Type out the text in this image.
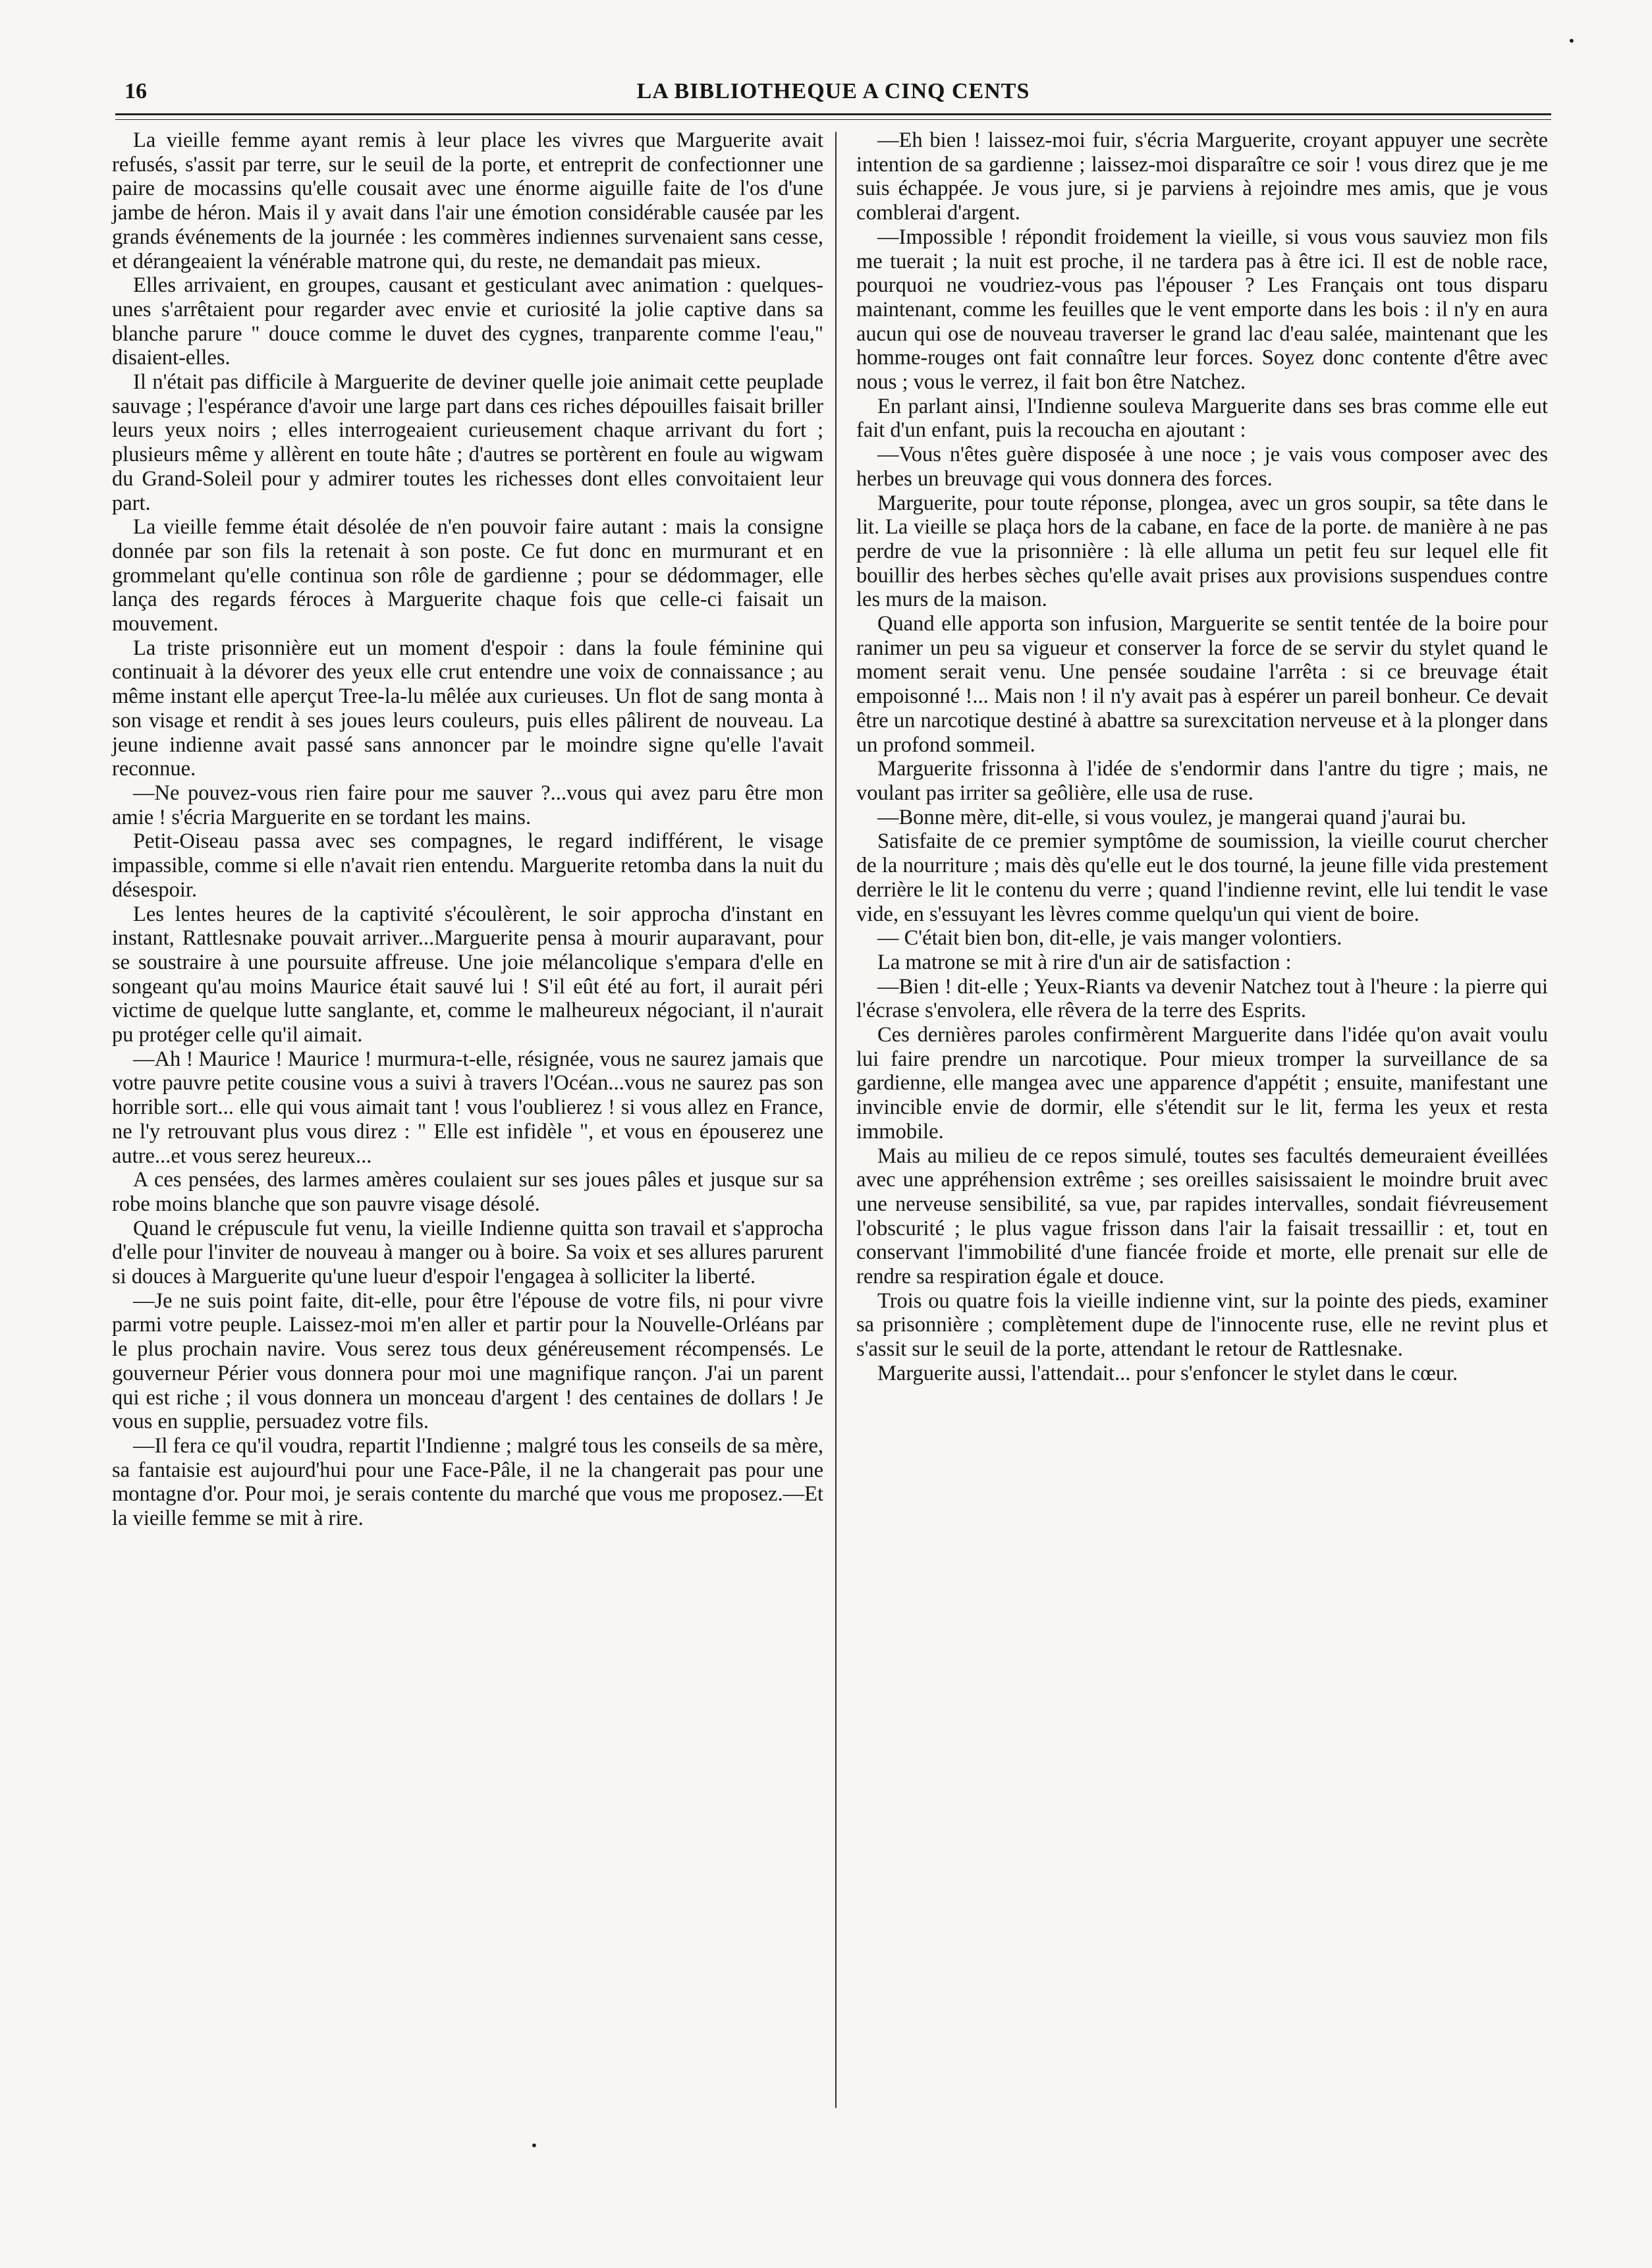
•
16	LA BIBLIOTHEQUE A CINQ CENTS

La vieille femme ayant remis à leur place les vivres que Marguerite avait refusés, s'assit par terre, sur le seuil de la porte, et entreprit de confectionner une paire de mocassins qu'elle cousait avec une énorme aiguille faite de l'os d'une jambe de héron. Mais il y avait dans l'air une émotion considérable causée par les grands événements de la journée : les commères indiennes survenaient sans cesse, et dérangeaient la vénérable matrone qui, du reste, ne demandait pas mieux.

Elles arrivaient, en groupes, causant et gesticulant avec animation : quelques-unes s'arrêtaient pour regarder avec envie et curiosité la jolie captive dans sa blanche parure " douce comme le duvet des cygnes, tranparente comme l'eau," disaient-elles.

Il n'était pas difficile à Marguerite de deviner quelle joie animait cette peuplade sauvage ; l'espérance d'avoir une large part dans ces riches dépouilles faisait briller leurs yeux noirs ; elles interrogeaient curieusement chaque arrivant du fort ; plusieurs même y allèrent en toute hâte ; d'autres se portèrent en foule au wigwam du Grand-Soleil pour y admirer toutes les richesses dont elles convoitaient leur part.

La vieille femme était désolée de n'en pouvoir faire autant : mais la consigne donnée par son fils la retenait à son poste. Ce fut donc en murmurant et en grommelant qu'elle continua son rôle de gardienne ; pour se dédommager, elle lança des regards féroces à Marguerite chaque fois que celle-ci faisait un mouvement.

La triste prisonnière eut un moment d'espoir : dans la foule féminine qui continuait à la dévorer des yeux elle crut entendre une voix de connaissance ; au même instant elle aperçut Tree-la-lu mêlée aux curieuses. Un flot de sang monta à son visage et rendit à ses joues leurs couleurs, puis elles pâlirent de nouveau. La jeune indienne avait passé sans annoncer par le moindre signe qu'elle l'avait reconnue.

—Ne pouvez-vous rien faire pour me sauver ?...vous qui avez paru être mon amie ! s'écria Marguerite en se tordant les mains.

Petit-Oiseau passa avec ses compagnes, le regard indifférent, le visage impassible, comme si elle n'avait rien entendu. Marguerite retomba dans la nuit du désespoir.

Les lentes heures de la captivité s'écoulèrent, le soir approcha d'instant en instant, Rattlesnake pouvait arriver...Marguerite pensa à mourir auparavant, pour se soustraire à une poursuite affreuse. Une joie mélancolique s'empara d'elle en songeant qu'au moins Maurice était sauvé lui ! S'il eût été au fort, il aurait péri victime de quelque lutte sanglante, et, comme le malheureux négociant, il n'aurait pu protéger celle qu'il aimait.

—Ah ! Maurice ! Maurice ! murmura-t-elle, résignée, vous ne saurez jamais que votre pauvre petite cousine vous a suivi à travers l'Océan...vous ne saurez pas son horrible sort... elle qui vous aimait tant ! vous l'oublierez ! si vous allez en France, ne l'y retrouvant plus vous direz : " Elle est infidèle ", et vous en épouserez une autre...et vous serez heureux...

A ces pensées, des larmes amères coulaient sur ses joues pâles et jusque sur sa robe moins blanche que son pauvre visage désolé.

Quand le crépuscule fut venu, la vieille Indienne quitta son travail et s'approcha d'elle pour l'inviter de nouveau à manger ou à boire. Sa voix et ses allures parurent si douces à Marguerite qu'une lueur d'espoir l'engagea à solliciter la liberté.

—Je ne suis point faite, dit-elle, pour être l'épouse de votre fils, ni pour vivre parmi votre peuple. Laissez-moi m'en aller et partir pour la Nouvelle-Orléans par le plus prochain navire. Vous serez tous deux généreusement récompensés. Le gouverneur Périer vous donnera pour moi une magnifique rançon. J'ai un parent qui est riche ; il vous donnera un monceau d'argent ! des centaines de dollars ! Je vous en supplie, persuadez votre fils.

—Il fera ce qu'il voudra, repartit l'Indienne ; malgré tous les conseils de sa mère, sa fantaisie est aujourd'hui pour une Face-Pâle, il ne la changerait pas pour une montagne d'or. Pour moi, je serais contente du marché que vous me proposez.—Et la vieille femme se mit à rire.

—Eh bien ! laissez-moi fuir, s'écria Marguerite, croyant appuyer une secrète intention de sa gardienne ; laissez-moi disparaître ce soir ! vous direz que je me suis échappée. Je vous jure, si je parviens à rejoindre mes amis, que je vous comblerai d'argent.

—Impossible ! répondit froidement la vieille, si vous vous sauviez mon fils me tuerait ; la nuit est proche, il ne tardera pas à être ici. Il est de noble race, pourquoi ne voudriez-vous pas l'épouser ? Les Français ont tous disparu maintenant, comme les feuilles que le vent emporte dans les bois : il n'y en aura aucun qui ose de nouveau traverser le grand lac d'eau salée, maintenant que les homme-rouges ont fait connaître leur forces. Soyez donc contente d'être avec nous ; vous le verrez, il fait bon être Natchez.

En parlant ainsi, l'Indienne souleva Marguerite dans ses bras comme elle eut fait d'un enfant, puis la recoucha en ajoutant :

—Vous n'êtes guère disposée à une noce ; je vais vous composer avec des herbes un breuvage qui vous donnera des forces.

Marguerite, pour toute réponse, plongea, avec un gros soupir, sa tête dans le lit. La vieille se plaça hors de la cabane, en face de la porte. de manière à ne pas perdre de vue la prisonnière : là elle alluma un petit feu sur lequel elle fit bouillir des herbes sèches qu'elle avait prises aux provisions suspendues contre les murs de la maison.

Quand elle apporta son infusion, Marguerite se sentit tentée de la boire pour ranimer un peu sa vigueur et conserver la force de se servir du stylet quand le moment serait venu. Une pensée soudaine l'arrêta : si ce breuvage était empoisonné !... Mais non ! il n'y avait pas à espérer un pareil bonheur. Ce devait être un narcotique destiné à abattre sa surexcitation nerveuse et à la plonger dans un profond sommeil.

Marguerite frissonna à l'idée de s'endormir dans l'antre du tigre ; mais, ne voulant pas irriter sa geôlière, elle usa de ruse.

—Bonne mère, dit-elle, si vous voulez, je mangerai quand j'aurai bu.

Satisfaite de ce premier symptôme de soumission, la vieille courut chercher de la nourriture ; mais dès qu'elle eut le dos tourné, la jeune fille vida prestement derrière le lit le contenu du verre ; quand l'indienne revint, elle lui tendit le vase vide, en s'essuyant les lèvres comme quelqu'un qui vient de boire.

— C'était bien bon, dit-elle, je vais manger volontiers.

La matrone se mit à rire d'un air de satisfaction :

—Bien ! dit-elle ; Yeux-Riants va devenir Natchez tout à l'heure : la pierre qui l'écrase s'envolera, elle rêvera de la terre des Esprits.

Ces dernières paroles confirmèrent Marguerite dans l'idée qu'on avait voulu lui faire prendre un narcotique. Pour mieux tromper la surveillance de sa gardienne, elle mangea avec une apparence d'appétit ; ensuite, manifestant une invincible envie de dormir, elle s'étendit sur le lit, ferma les yeux et resta immobile.

Mais au milieu de ce repos simulé, toutes ses facultés demeuraient éveillées avec une appréhension extrême ; ses oreilles saisissaient le moindre bruit avec une nerveuse sensibilité, sa vue, par rapides intervalles, sondait fiévreusement l'obscurité ; le plus vague frisson dans l'air la faisait tressaillir : et, tout en conservant l'immobilité d'une fiancée froide et morte, elle prenait sur elle de rendre sa respiration égale et douce.

Trois ou quatre fois la vieille indienne vint, sur la pointe des pieds, examiner sa prisonnière ; complètement dupe de l'innocente ruse, elle ne revint plus et s'assit sur le seuil de la porte, attendant le retour de Rattlesnake.

Marguerite aussi, l'attendait... pour s'enfoncer le stylet dans le cœur.

•
